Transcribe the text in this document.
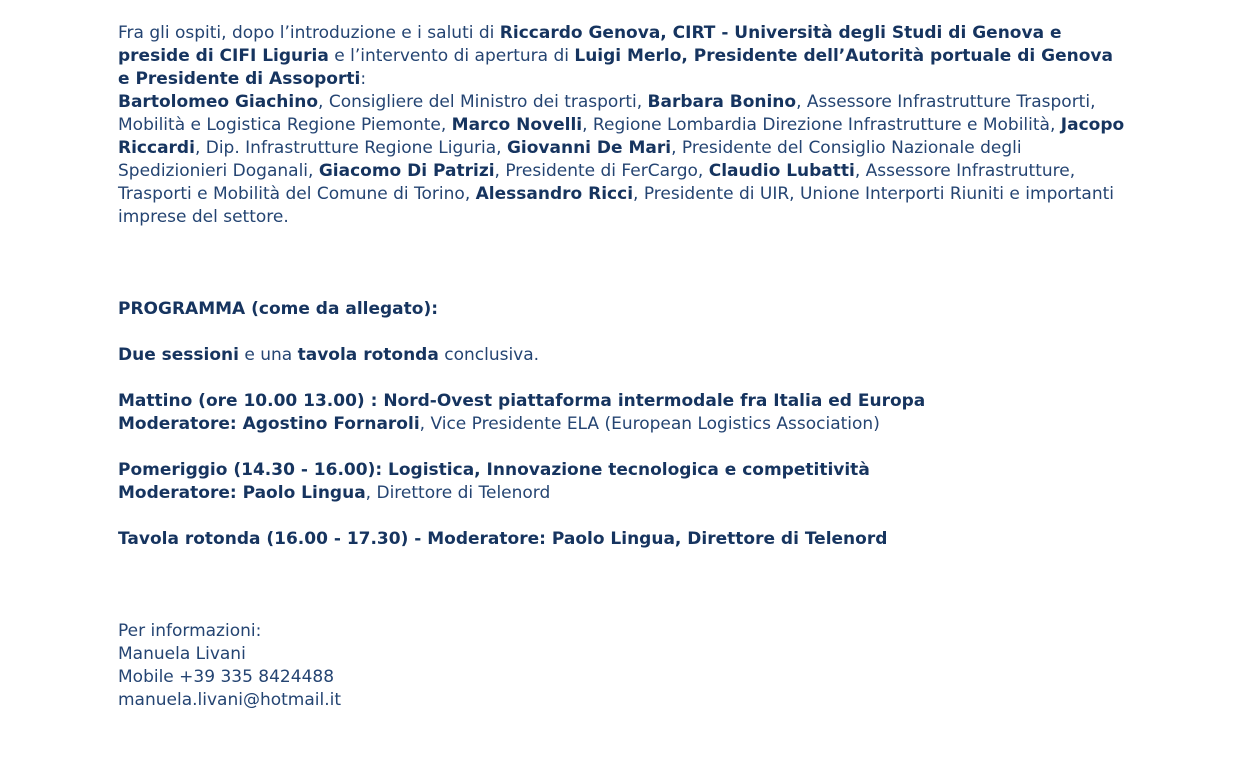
Fra gli ospiti, dopo l’introduzione e i saluti di Riccardo Genova, CIRT - Università degli Studi di Genova e preside di CIFI Liguria e l’intervento di apertura di Luigi Merlo, Presidente dell’Autorità portuale di Genova e Presidente di Assoporti:

Bartolomeo Giachino, Consigliere del Ministro dei trasporti, Barbara Bonino, Assessore Infrastrutture Trasporti, Mobilità e Logistica Regione Piemonte, Marco Novelli, Regione Lombardia Direzione Infrastrutture e Mobilità, Jacopo Riccardi, Dip. Infrastrutture Regione Liguria, Giovanni De Mari, Presidente del Consiglio Nazionale degli Spedizionieri Doganali, Giacomo Di Patrizi, Presidente di FerCargo, Claudio Lubatti, Assessore Infrastrutture, Trasporti e Mobilità del Comune di Torino, Alessandro Ricci, Presidente di UIR, Unione Interporti Riuniti e importanti imprese del settore.

PROGRAMMA (come da allegato):

Due sessioni e una tavola rotonda conclusiva.

Mattino (ore 10.00 13.00) : Nord-Ovest piattaforma intermodale fra Italia ed Europa

Moderatore: Agostino Fornaroli, Vice Presidente ELA (European Logistics Association)

Pomeriggio (14.30 - 16.00): Logistica, Innovazione tecnologica e competitività

Moderatore: Paolo Lingua, Direttore di Telenord

Tavola rotonda (16.00 - 17.30) - Moderatore: Paolo Lingua, Direttore di Telenord

Per informazioni:

Manuela Livani

Mobile +39 335 8424488

manuela.livani@hotmail.it
